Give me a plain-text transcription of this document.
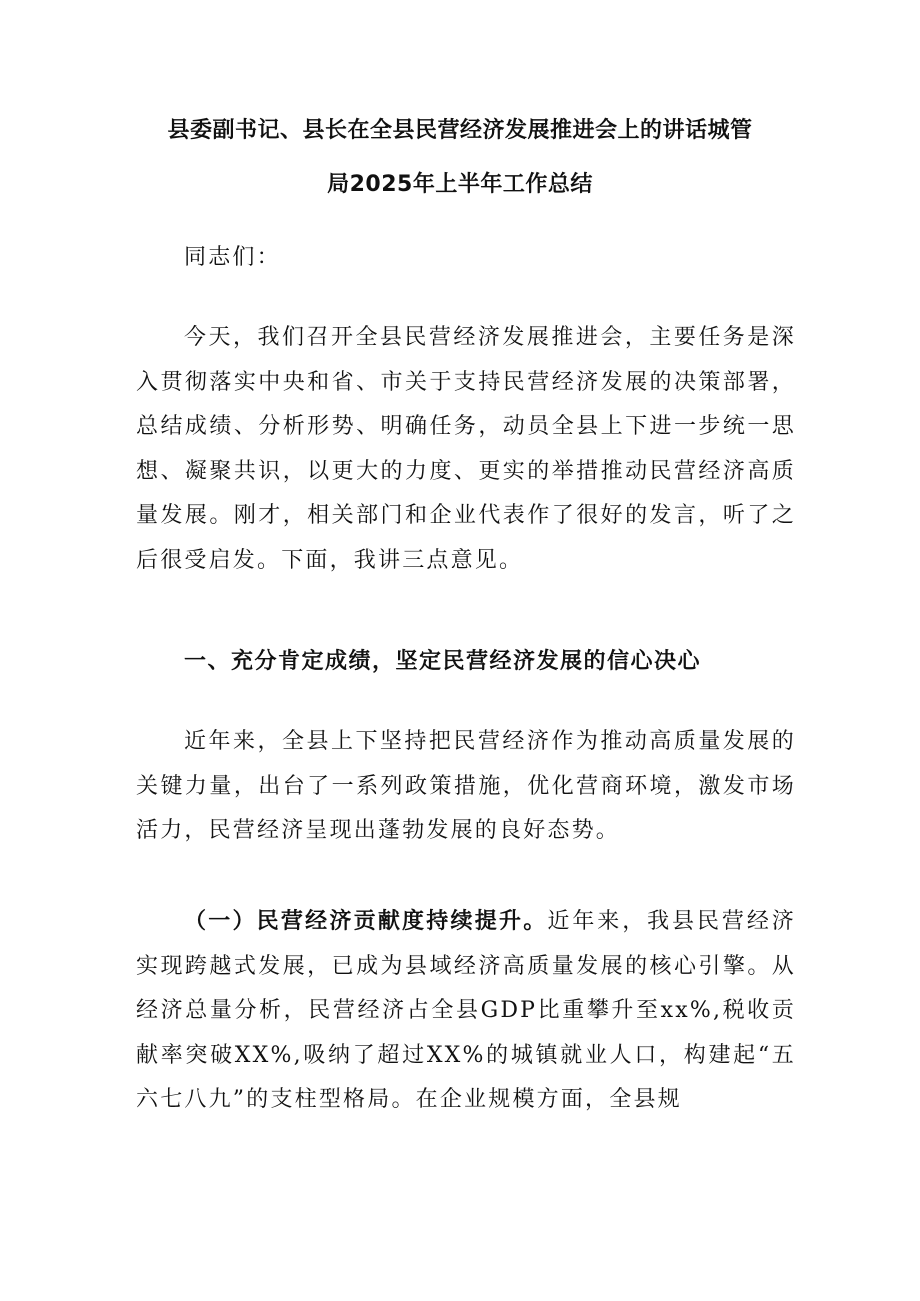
县委副书记、县长在全县民营经济发展推进会上的讲话城管
局2025年上半年工作总结
同志们：
今天，我们召开全县民营经济发展推进会，主要任务是深入贯彻落实中央和省、市关于支持民营经济发展的决策部署，总结成绩、分析形势、明确任务，动员全县上下进一步统一思想、凝聚共识，以更大的力度、更实的举措推动民营经济高质量发展。刚才，相关部门和企业代表作了很好的发言，听了之后很受启发。下面，我讲三点意见。
一、充分肯定成绩，坚定民营经济发展的信心决心
近年来，全县上下坚持把民营经济作为推动高质量发展的关键力量，出台了一系列政策措施，优化营商环境，激发市场活力，民营经济呈现出蓬勃发展的良好态势。
（一）民营经济贡献度持续提升。近年来，我县民营经济实现跨越式发展，已成为县域经济高质量发展的核心引擎。从经济总量分析，民营经济占全县GDP比重攀升至xx%,税收贡献率突破XX%,吸纳了超过XX%的城镇就业人口，构建起“五六七八九”的支柱型格局。在企业规模方面，全县规
